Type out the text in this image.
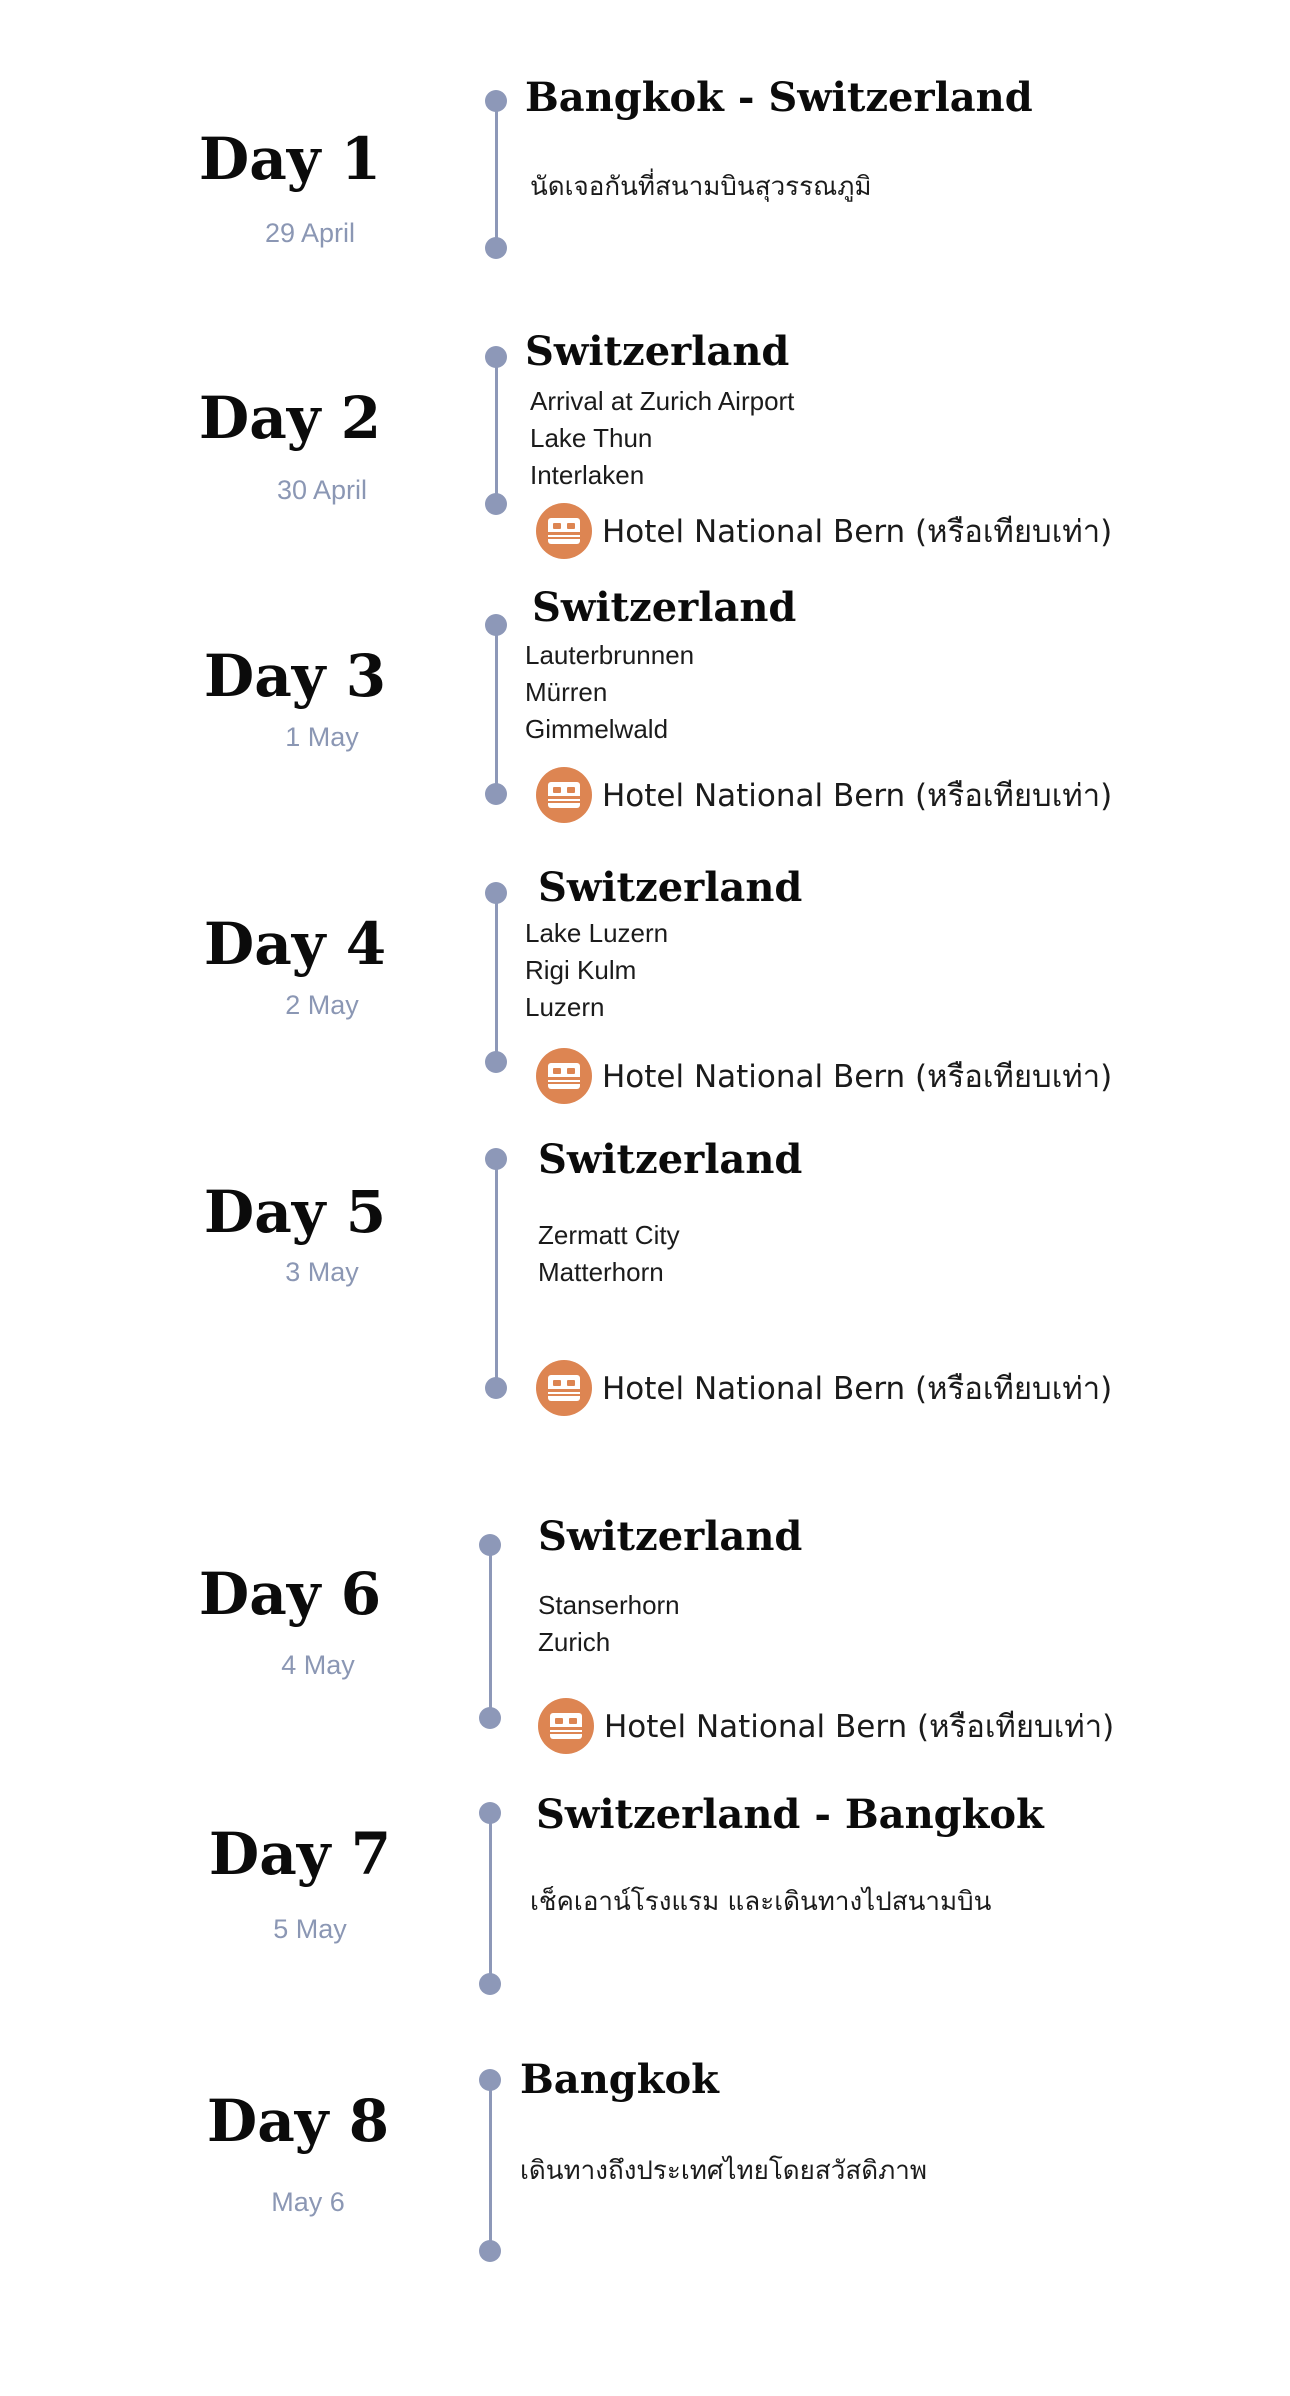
Day 1
29 April
Bangkok - Switzerland
นัดเจอกันที่สนามบินสุวรรณภูมิ
Day 2
30 April
Switzerland
Arrival at Zurich Airport
Lake Thun
Interlaken
Hotel National Bern (หรือเทียบเท่า)
Day 3
1 May
Switzerland
Lauterbrunnen
Mürren
Gimmelwald
Hotel National Bern (หรือเทียบเท่า)
Day 4
2 May
Switzerland
Lake Luzern
Rigi Kulm
Luzern
Hotel National Bern (หรือเทียบเท่า)
Day 5
3 May
Switzerland
Zermatt City
Matterhorn
Hotel National Bern (หรือเทียบเท่า)
Day 6
4 May
Switzerland
Stanserhorn
Zurich
Hotel National Bern (หรือเทียบเท่า)
Day 7
5 May
Switzerland - Bangkok
เช็คเอาน์โรงแรม และเดินทางไปสนามบิน
Day 8
May 6
Bangkok
เดินทางถึงประเทศไทยโดยสวัสดิภาพ
